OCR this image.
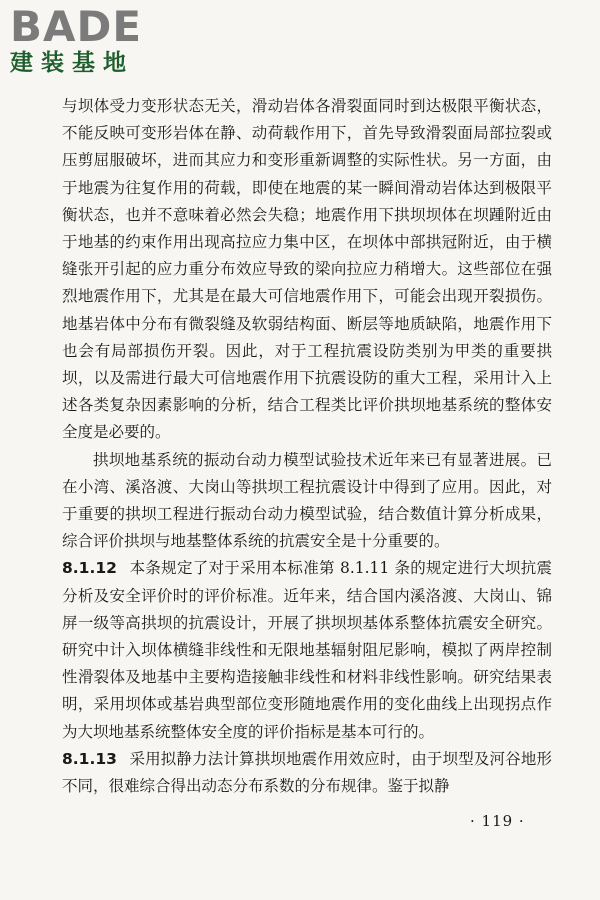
BADE
建装基地

与坝体受力变形状态无关，滑动岩体各滑裂面同时到达极限平衡状态，不能反映可变形岩体在静、动荷载作用下，首先导致滑裂面局部拉裂或压剪屈服破坏，进而其应力和变形重新调整的实际性状。另一方面，由于地震为往复作用的荷载，即使在地震的某一瞬间滑动岩体达到极限平衡状态，也并不意味着必然会失稳；地震作用下拱坝坝体在坝踵附近由于地基的约束作用出现高拉应力集中区，在坝体中部拱冠附近，由于横缝张开引起的应力重分布效应导致的梁向拉应力稍增大。这些部位在强烈地震作用下，尤其是在最大可信地震作用下，可能会出现开裂损伤。地基岩体中分布有微裂缝及软弱结构面、断层等地质缺陷，地震作用下也会有局部损伤开裂。因此，对于工程抗震设防类别为甲类的重要拱坝，以及需进行最大可信地震作用下抗震设防的重大工程，采用计入上述各类复杂因素影响的分析，结合工程类比评价拱坝地基系统的整体安全度是必要的。

拱坝地基系统的振动台动力模型试验技术近年来已有显著进展。已在小湾、溪洛渡、大岗山等拱坝工程抗震设计中得到了应用。因此，对于重要的拱坝工程进行振动台动力模型试验，结合数值计算分析成果，综合评价拱坝与地基整体系统的抗震安全是十分重要的。

8.1.12 本条规定了对于采用本标准第 8.1.11 条的规定进行大坝抗震分析及安全评价时的评价标准。近年来，结合国内溪洛渡、大岗山、锦屏一级等高拱坝的抗震设计，开展了拱坝坝基体系整体抗震安全研究。研究中计入坝体横缝非线性和无限地基辐射阻尼影响，模拟了两岸控制性滑裂体及地基中主要构造接触非线性和材料非线性影响。研究结果表明，采用坝体或基岩典型部位变形随地震作用的变化曲线上出现拐点作为大坝地基系统整体安全度的评价指标是基本可行的。

8.1.13 采用拟静力法计算拱坝地震作用效应时，由于坝型及河谷地形不同，很难综合得出动态分布系数的分布规律。鉴于拟静

· 119 ·
